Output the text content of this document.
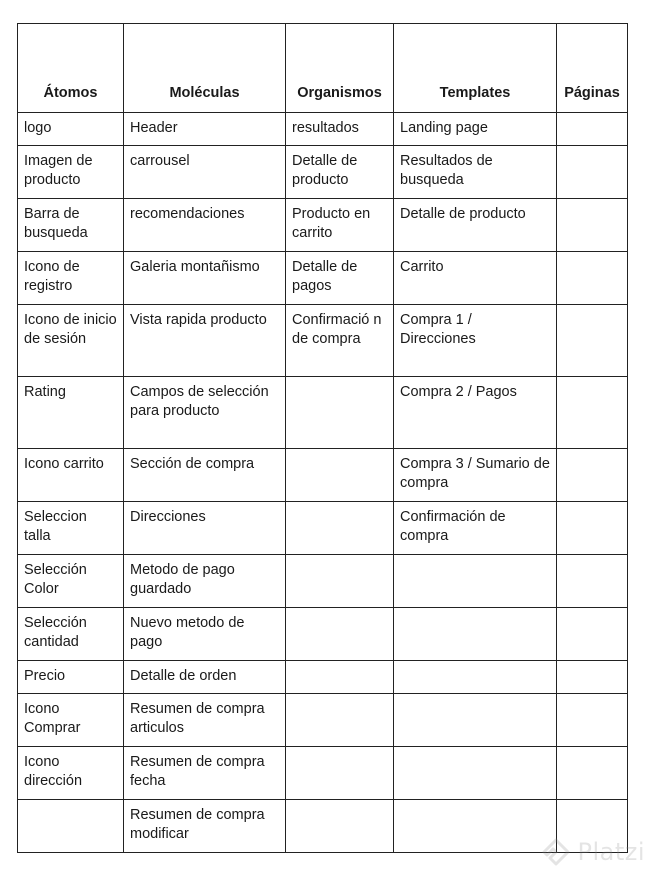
Átomos	Moléculas	Organismos	Templates	Páginas
logo	Header	resultados	Landing page	
Imagen de producto	carrousel	Detalle de producto	Resultados de busqueda	
Barra de busqueda	recomendaciones	Producto en carrito	Detalle de producto	
Icono de registro	Galeria montañismo	Detalle de pagos	Carrito	
Icono de inicio de sesión	Vista rapida producto	Confirmació n de compra	Compra 1 / Direcciones	
Rating	Campos de selección para producto		Compra 2 / Pagos	
Icono carrito	Sección de compra		Compra 3 / Sumario de compra	
Seleccion talla	Direcciones		Confirmación de compra	
Selección Color	Metodo de pago guardado			
Selección cantidad	Nuevo metodo de pago			
Precio	Detalle de orden			
Icono Comprar	Resumen de compra articulos			
Icono dirección	Resumen de compra fecha			
	Resumen de compra modificar			
Platzi
